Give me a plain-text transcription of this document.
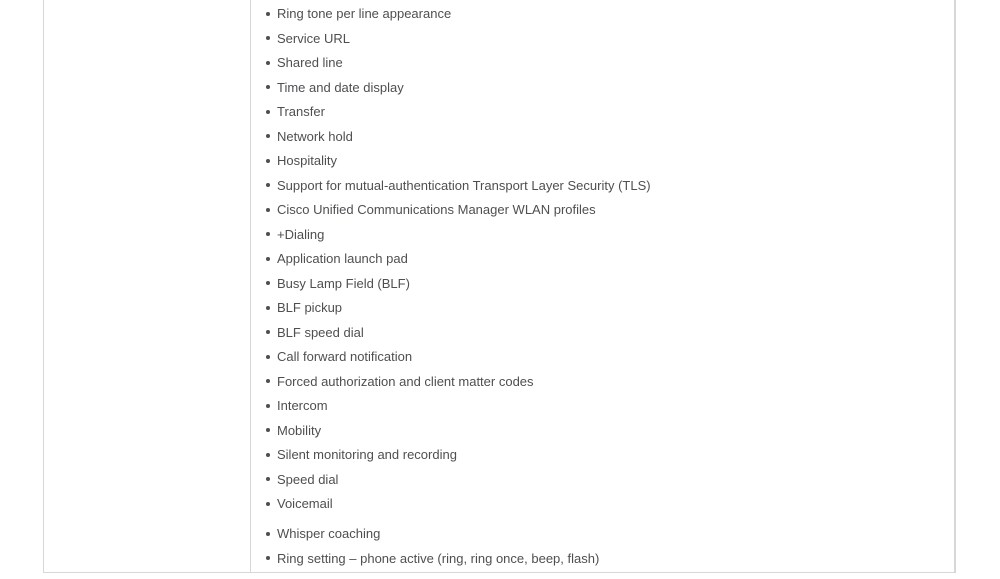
Ring tone per line appearance
Service URL
Shared line
Time and date display
Transfer
Network hold
Hospitality
Support for mutual-authentication Transport Layer Security (TLS)
Cisco Unified Communications Manager WLAN profiles
+Dialing
Application launch pad
Busy Lamp Field (BLF)
BLF pickup
BLF speed dial
Call forward notification
Forced authorization and client matter codes
Intercom
Mobility
Silent monitoring and recording
Speed dial
Voicemail
Whisper coaching
Ring setting – phone active (ring, ring once, beep, flash)
